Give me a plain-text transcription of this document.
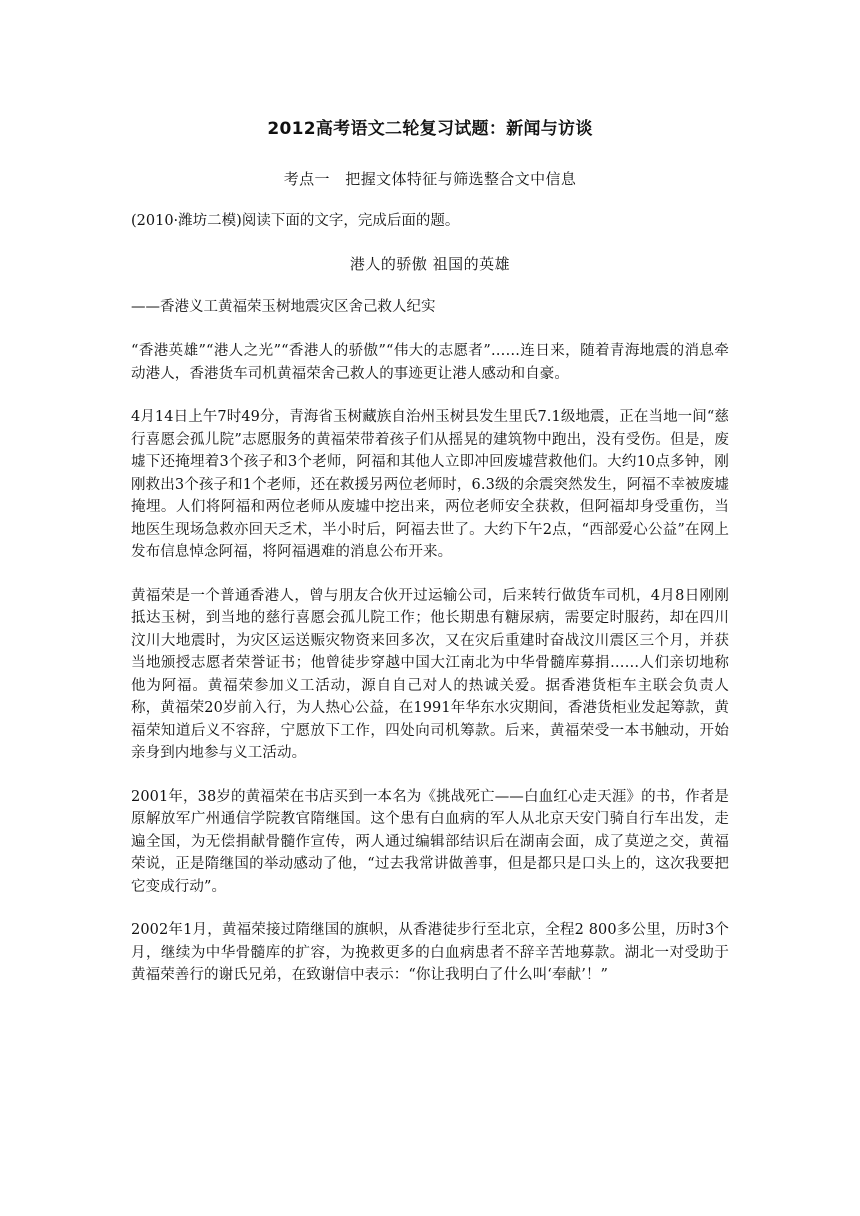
2012高考语文二轮复习试题：新闻与访谈
考点一　把握文体特征与筛选整合文中信息
(2010·潍坊二模)阅读下面的文字，完成后面的题。
港人的骄傲 祖国的英雄
——香港义工黄福荣玉树地震灾区舍己救人纪实

“香港英雄”“港人之光”“香港人的骄傲”“伟大的志愿者”……连日来，随着青海地震的消息牵动港人，香港货车司机黄福荣舍己救人的事迹更让港人感动和自豪。

4月14日上午7时49分，青海省玉树藏族自治州玉树县发生里氏7.1级地震，正在当地一间“慈行喜愿会孤儿院”志愿服务的黄福荣带着孩子们从摇晃的建筑物中跑出，没有受伤。但是，废墟下还掩埋着3个孩子和3个老师，阿福和其他人立即冲回废墟营救他们。大约10点多钟，刚刚救出3个孩子和1个老师，还在救援另两位老师时，6.3级的余震突然发生，阿福不幸被废墟掩埋。人们将阿福和两位老师从废墟中挖出来，两位老师安全获救，但阿福却身受重伤，当地医生现场急救亦回天乏术，半小时后，阿福去世了。大约下午2点，“西部爱心公益”在网上发布信息悼念阿福，将阿福遇难的消息公布开来。

黄福荣是一个普通香港人，曾与朋友合伙开过运输公司，后来转行做货车司机，4月8日刚刚抵达玉树，到当地的慈行喜愿会孤儿院工作；他长期患有糖尿病，需要定时服药，却在四川汶川大地震时，为灾区运送赈灾物资来回多次，又在灾后重建时奋战汶川震区三个月，并获当地颁授志愿者荣誉证书；他曾徒步穿越中国大江南北为中华骨髓库募捐……人们亲切地称他为阿福。黄福荣参加义工活动，源自自己对人的热诚关爱。据香港货柜车主联会负责人称，黄福荣20岁前入行，为人热心公益，在1991年华东水灾期间，香港货柜业发起筹款，黄福荣知道后义不容辞，宁愿放下工作，四处向司机筹款。后来，黄福荣受一本书触动，开始亲身到内地参与义工活动。

2001年，38岁的黄福荣在书店买到一本名为《挑战死亡——白血红心走天涯》的书，作者是原解放军广州通信学院教官隋继国。这个患有白血病的军人从北京天安门骑自行车出发，走遍全国，为无偿捐献骨髓作宣传，两人通过编辑部结识后在湖南会面，成了莫逆之交，黄福荣说，正是隋继国的举动感动了他，“过去我常讲做善事，但是都只是口头上的，这次我要把它变成行动”。

2002年1月，黄福荣接过隋继国的旗帜，从香港徒步行至北京，全程2 800多公里，历时3个月，继续为中华骨髓库的扩容，为挽救更多的白血病患者不辞辛苦地募款。湖北一对受助于黄福荣善行的谢氏兄弟，在致谢信中表示：“你让我明白了什么叫‘奉献’！”
